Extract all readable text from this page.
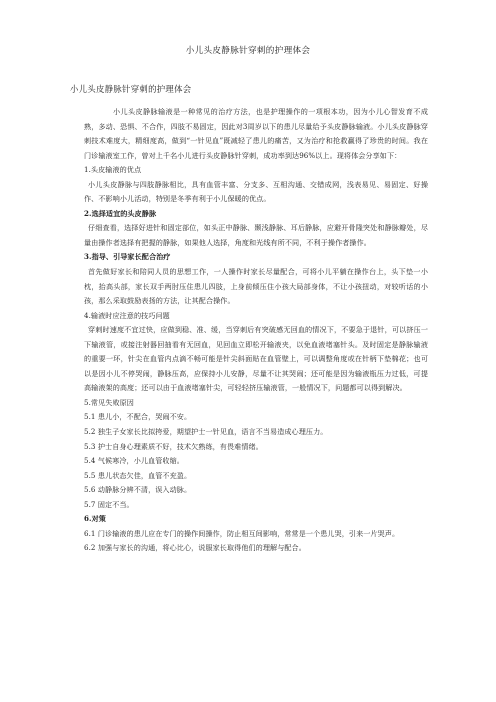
小儿头皮静脉针穿刺的护理体会
小儿头皮静脉针穿刺的护理体会

小儿头皮静脉输液是一种常见的治疗方法，也是护理操作的一项根本功，因为小儿心智发育不成熟，多动、恐惧、不合作，四肢不易固定，因此对3周岁以下的患儿尽量给予头皮静脉输液。小儿头皮静脉穿刺技术难度大，精细度高，做到“一针见血”既减轻了患儿的痛苦，又为治疗和抢救赢得了珍贵的时间。我在门诊输液室工作，曾对上千名小儿进行头皮静脉针穿刺，成功率到达96%以上。现将体会分享如下：

1.头皮输液的优点

小儿头皮静脉与四肢静脉相比，具有血管丰富、分支多、互相沟通、交错成网，浅表易见、易固定、好操作、不影响小儿活动，特别是冬季有利于小儿保暖的优点。

2.选择适宜的头皮静脉

仔细查看，选择好进针和固定部位，如头正中静脉、颞浅静脉、耳后静脉，应避开骨隆突处和静脉瓣处，尽量由操作者选择有把握的静脉，如果他人选择，角度和光线有所不同，不利于操作者操作。

3.指导、引导家长配合治疗

首先做好家长和陪同人员的思想工作，一人操作时家长尽量配合，可将小儿平躺在操作台上，头下垫一小枕，抬高头部，家长双手两肘压住患儿四肢，上身前倾压住小孩大局部身体，不让小孩扭动，对较听话的小孩，那么采取鼓励表扬的方法，让其配合操作。

4.输液时应注意的技巧问题

穿刺时速度不宜过快，应做到稳、准、缓，当穿刺后有突破感无回血的情况下，不要急于退针，可以挤压一下输液管，或接注射器回抽看有无回血，见回血立即松开输液夹，以免血液堵塞针头。及时固定是静脉输液的重要一环，针尖在血管内点滴不畅可能是针尖斜面贴在血管壁上，可以调整角度或在针柄下垫棉花；也可以是因小儿不停哭闹，静脉压高，应保持小儿安静，尽量不让其哭闹；还可能是因为输液瓶压力过低，可提高输液架的高度；还可以由于血液堵塞针尖，可轻轻挤压输液管，一般情况下，问题都可以得到解决。

5.常见失败原因

5.1 患儿小，不配合，哭闹不安。

5.2 独生子女家长比拟挎爱，期望护士一针见血，语言不当易造成心理压力。

5.3 护士自身心理素质不好，技术欠熟练，有畏难情绪。

5.4 气候寒冷，小儿血管收缩。

5.5 患儿状态欠佳，血管不充盈。

5.6 动静脉分辨不清，误入动脉。

5.7 固定不当。

6.对策

6.1 门诊输液的患儿应在专门的操作间操作，防止相互间影响，常常是一个患儿哭，引来一片哭声。

6.2 加强与家长的沟通，将心比心，说服家长取得他们的理解与配合。
